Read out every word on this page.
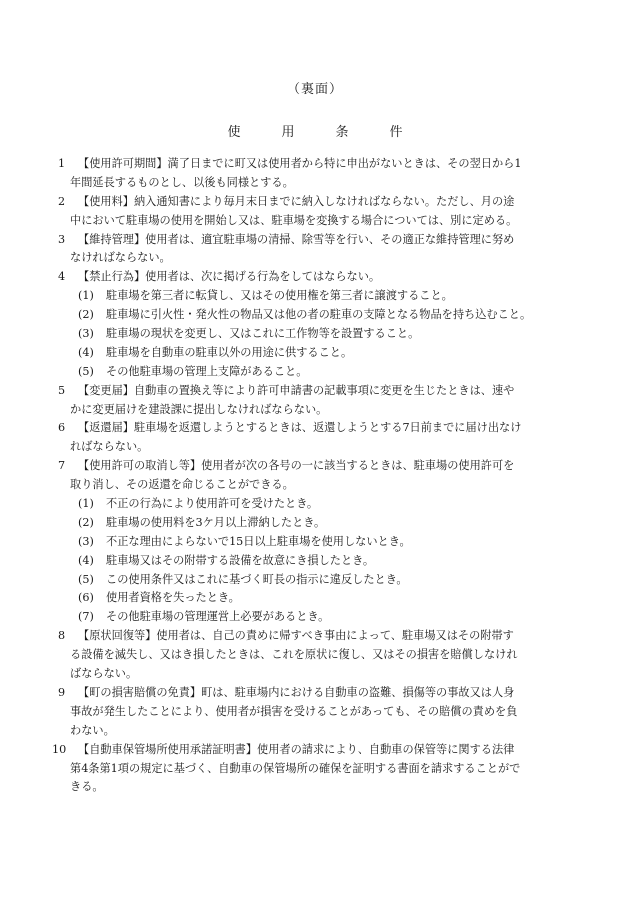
（裏面）
使　用　条　件
1 【使用許可期間】満了日までに町又は使用者から特に申出がないときは、その翌日から1
年間延長するものとし、以後も同様とする。
2 【使用料】納入通知書により毎月末日までに納入しなければならない。ただし、月の途
中において駐車場の使用を開始し又は、駐車場を変換する場合については、別に定める。
3 【維持管理】使用者は、適宜駐車場の清掃、除雪等を行い、その適正な維持管理に努め
なければならない。
4 【禁止行為】使用者は、次に掲げる行為をしてはならない。
(1) 駐車場を第三者に転貸し、又はその使用権を第三者に譲渡すること。
(2) 駐車場に引火性・発火性の物品又は他の者の駐車の支障となる物品を持ち込むこと。
(3) 駐車場の現状を変更し、又はこれに工作物等を設置すること。
(4) 駐車場を自動車の駐車以外の用途に供すること。
(5) その他駐車場の管理上支障があること。
5 【変更届】自動車の置換え等により許可申請書の記載事項に変更を生じたときは、速や
かに変更届けを建設課に提出しなければならない。
6 【返還届】駐車場を返還しようとするときは、返還しようとする7日前までに届け出なけ
ればならない。
7 【使用許可の取消し等】使用者が次の各号の一に該当するときは、駐車場の使用許可を
取り消し、その返還を命じることができる。
(1) 不正の行為により使用許可を受けたとき。
(2) 駐車場の使用料を3ケ月以上滞納したとき。
(3) 不正な理由によらないで15日以上駐車場を使用しないとき。
(4) 駐車場又はその附帯する設備を故意にき損したとき。
(5) この使用条件又はこれに基づく町長の指示に違反したとき。
(6) 使用者資格を失ったとき。
(7) その他駐車場の管理運営上必要があるとき。
8 【原状回復等】使用者は、自己の責めに帰すべき事由によって、駐車場又はその附帯す
る設備を滅失し、又はき損したときは、これを原状に復し、又はその損害を賠償しなけれ
ばならない。
9 【町の損害賠償の免責】町は、駐車場内における自動車の盗難、損傷等の事故又は人身
事故が発生したことにより、使用者が損害を受けることがあっても、その賠償の責めを負
わない。
10 【自動車保管場所使用承諾証明書】使用者の請求により、自動車の保管等に関する法律
第4条第1項の規定に基づく、自動車の保管場所の確保を証明する書面を請求することがで
きる。
